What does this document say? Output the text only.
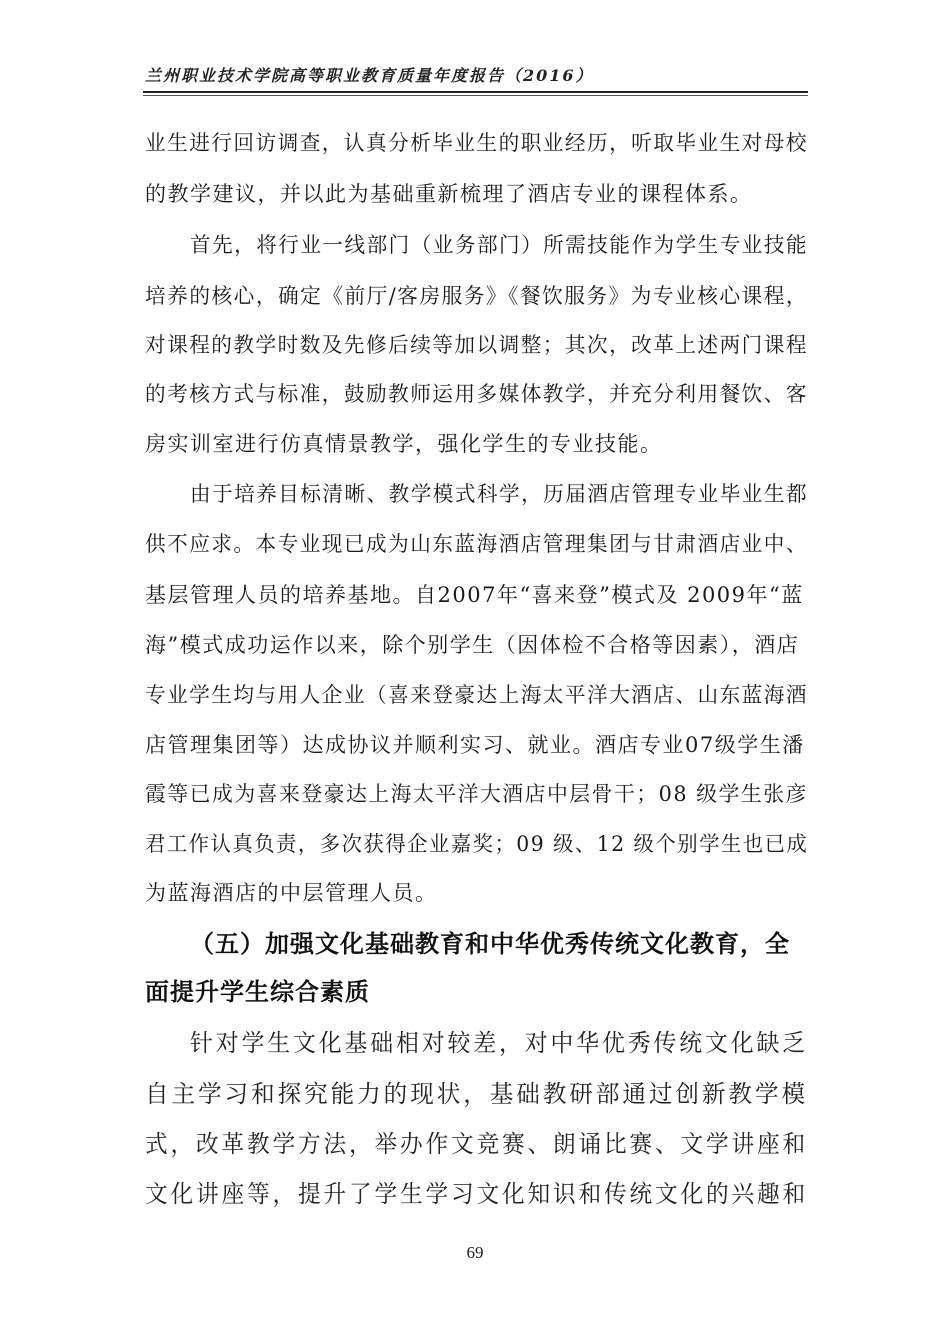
兰州职业技术学院高等职业教育质量年度报告（2016）
业生进行回访调查，认真分析毕业生的职业经历，听取毕业生对母校
的教学建议，并以此为基础重新梳理了酒店专业的课程体系。
首先，将行业一线部门（业务部门）所需技能作为学生专业技能
培养的核心，确定《前厅/客房服务》《餐饮服务》为专业核心课程，
对课程的教学时数及先修后续等加以调整；其次，改革上述两门课程
的考核方式与标准，鼓励教师运用多媒体教学，并充分利用餐饮、客
房实训室进行仿真情景教学，强化学生的专业技能。
由于培养目标清晰、教学模式科学，历届酒店管理专业毕业生都
供不应求。本专业现已成为山东蓝海酒店管理集团与甘肃酒店业中、
基层管理人员的培养基地。自2007年“喜来登”模式及 2009年“蓝
海”模式成功运作以来，除个别学生（因体检不合格等因素），酒店
专业学生均与用人企业（喜来登豪达上海太平洋大酒店、山东蓝海酒
店管理集团等）达成协议并顺利实习、就业。酒店专业07级学生潘
霞等已成为喜来登豪达上海太平洋大酒店中层骨干；08 级学生张彦
君工作认真负责，多次获得企业嘉奖；09 级、12 级个别学生也已成
为蓝海酒店的中层管理人员。
（五）加强文化基础教育和中华优秀传统文化教育，全
面提升学生综合素质
针对学生文化基础相对较差，对中华优秀传统文化缺乏
自主学习和探究能力的现状，基础教研部通过创新教学模
式，改革教学方法，举办作文竞赛、朗诵比赛、文学讲座和
文化讲座等，提升了学生学习文化知识和传统文化的兴趣和
69
